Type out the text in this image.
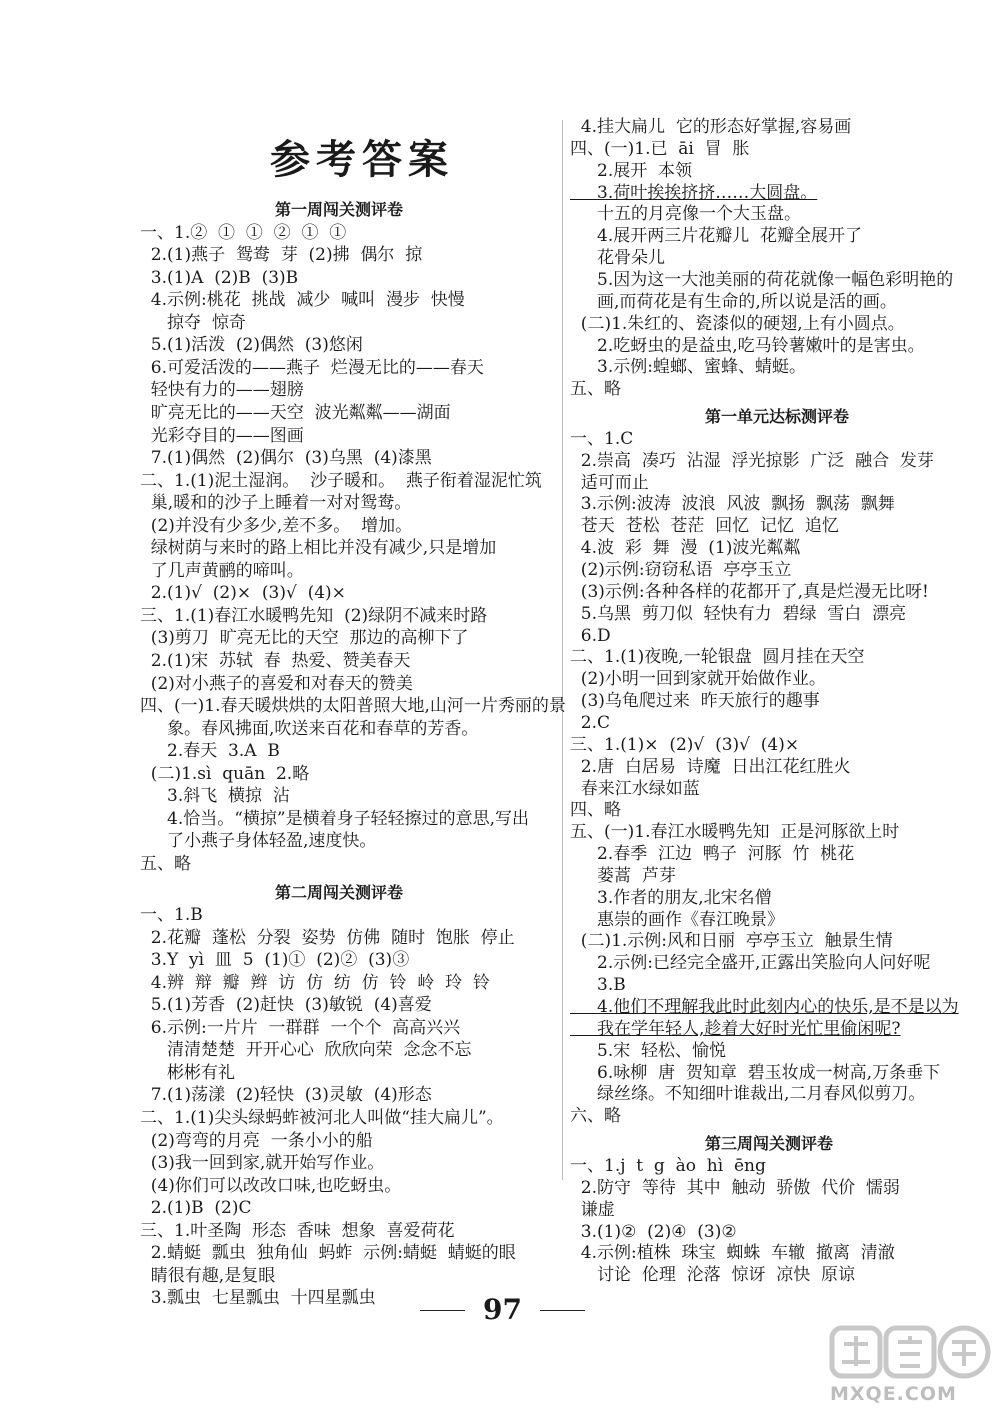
参考答案
第一周闯关测评卷
一、1.②  ①  ①  ②  ①  ①
2.(1)燕子  鸳鸯  芽  (2)拂  偶尔  掠
3.(1)A  (2)B  (3)B
4.示例:桃花  挑战  减少  喊叫  漫步  快慢
掠夺  惊奇
5.(1)活泼  (2)偶然  (3)悠闲
6.可爱活泼的——燕子  烂漫无比的——春天
轻快有力的——翅膀
旷亮无比的——天空  波光粼粼——湖面
光彩夺目的——图画
7.(1)偶然  (2)偶尔  (3)乌黑  (4)漆黑
二、1.(1)泥土湿润。  沙子暖和。  燕子衔着湿泥忙筑
巢,暖和的沙子上睡着一对对鸳鸯。
(2)并没有少多少,差不多。  增加。
绿树荫与来时的路上相比并没有减少,只是增加
了几声黄鹂的啼叫。
2.(1)√  (2)×  (3)√  (4)×
三、1.(1)春江水暖鸭先知  (2)绿阴不减来时路
(3)剪刀  旷亮无比的天空  那边的高柳下了
2.(1)宋  苏轼  春  热爱、赞美春天
(2)对小燕子的喜爱和对春天的赞美
四、(一)1.春天暖烘烘的太阳普照大地,山河一片秀丽的景
象。春风拂面,吹送来百花和春草的芳香。
2.春天  3.A  B
(二)1.sì  quān  2.略
3.斜飞  横掠  沾
4.恰当。“横掠”是横着身子轻轻擦过的意思,写出
了小燕子身体轻盈,速度快。
五、略
第二周闯关测评卷
一、1.B
2.花瓣  蓬松  分裂  姿势  仿佛  随时  饱胀  停止
3.Y  yì  皿  5  (1)①  (2)②  (3)③
4.辨  辩  瓣  辫  访  仿  纺  仿  铃  岭  玲  铃
5.(1)芳香  (2)赶快  (3)敏锐  (4)喜爱
6.示例:一片片  一群群  一个个  高高兴兴
清清楚楚  开开心心  欣欣向荣  念念不忘
彬彬有礼
7.(1)荡漾  (2)轻快  (3)灵敏  (4)形态
二、1.(1)尖头绿蚂蚱被河北人叫做“挂大扁儿”。
(2)弯弯的月亮  一条小小的船
(3)我一回到家,就开始写作业。
(4)你们可以改改口味,也吃蚜虫。
2.(1)B  (2)C
三、1.叶圣陶  形态  香味  想象  喜爱荷花
2.蜻蜓  瓢虫  独角仙  蚂蚱  示例:蜻蜓  蜻蜓的眼
睛很有趣,是复眼
3.瓢虫  七星瓢虫  十四星瓢虫
4.挂大扁儿  它的形态好掌握,容易画
四、(一)1.已  āi  冒  胀
2.展开  本领
3.荷叶挨挨挤挤……大圆盘。
十五的月亮像一个大玉盘。
4.展开两三片花瓣儿  花瓣全展开了
花骨朵儿
5.因为这一大池美丽的荷花就像一幅色彩明艳的
画,而荷花是有生命的,所以说是活的画。
(二)1.朱红的、瓷漆似的硬翅,上有小圆点。
2.吃蚜虫的是益虫,吃马铃薯嫩叶的是害虫。
3.示例:蝗螂、蜜蜂、蜻蜓。
五、略
第一单元达标测评卷
一、1.C
2.崇高  凑巧  沾湿  浮光掠影  广泛  融合  发芽
适可而止
3.示例:波涛  波浪  风波  飘扬  飘荡  飘舞
苍天  苍松  苍茫  回忆  记忆  追忆
4.波  彩  舞  漫  (1)波光粼粼
(2)示例:窃窃私语  亭亭玉立
(3)示例:各种各样的花都开了,真是烂漫无比呀!
5.乌黑  剪刀似  轻快有力  碧绿  雪白  漂亮
6.D
二、1.(1)夜晚,一轮银盘  圆月挂在天空
(2)小明一回到家就开始做作业。
(3)乌龟爬过来  昨天旅行的趣事
2.C
三、1.(1)×  (2)√  (3)√  (4)×
2.唐  白居易  诗魔  日出江花红胜火
春来江水绿如蓝
四、略
五、(一)1.春江水暖鸭先知  正是河豚欲上时
2.春季  江边  鸭子  河豚  竹  桃花
蒌蒿  芦芽
3.作者的朋友,北宋名僧
惠崇的画作《春江晚景》
(二)1.示例:风和日丽  亭亭玉立  触景生情
2.示例:已经完全盛开,正露出笑脸向人问好呢
3.B
4.他们不理解我此时此刻内心的快乐,是不是以为
我在学年轻人,趁着大好时光忙里偷闲呢?
5.宋  轻松、愉悦
6.咏柳  唐  贺知章  碧玉妆成一树高,万条垂下
绿丝绦。不知细叶谁裁出,二月春风似剪刀。
六、略
第三周闯关测评卷
一、1.j  t  g  ào  hì  ēng
2.防守  等待  其中  触动  骄傲  代价  懦弱
谦虚
3.(1)②  (2)④  (3)②
4.示例:植株  珠宝  蜘蛛  车辙  撤离  清澈
讨论  伦理  沦落  惊讶  凉快  原谅
97
MXQE.COM
